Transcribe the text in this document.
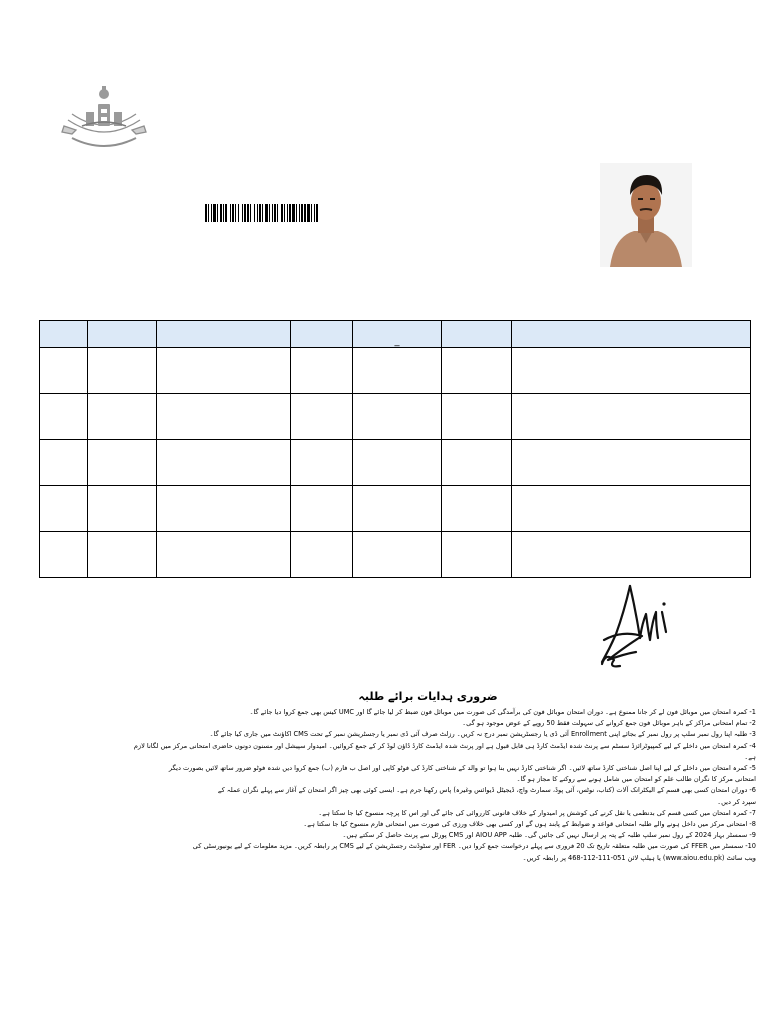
				_		

ضروری ہدایات برائے طلبہ

1- کمرہ امتحان میں موبائل فون لے کر جانا ممنوع ہے۔ دوران امتحان موبائل فون کی برآمدگی کی صورت میں موبائل فون ضبط کر لیا جائے گا اور UMC کیس بھی جمع کروا دیا جائے گا۔

2- تمام امتحانی مراکز کے باہر موبائل فون جمع کروانے کی سہولت فقط 50 روپے کے عوض موجود ہو گی۔

3- طلبہ اپنا رول نمبر سلپ پر رول نمبر کے بجائے اپنی Enrollment آئی ڈی یا رجسٹریشن نمبر درج نہ کریں۔ رزلٹ صرف آئی ڈی نمبر یا رجسٹریشن نمبر کے تحت CMS اکاؤنٹ میں جاری کیا جائے گا۔

4- کمرہ امتحان میں داخلے کے لیے کمپیوٹرائزڈ سسٹم سے پرنٹ شدہ ایڈمٹ کارڈ ہی قابل قبول ہے اور پرنٹ شدہ ایڈمٹ کارڈ ڈاؤن لوڈ کر کے جمع کروائیں۔ امیدوار سپیشل اور مسنون دونوں حاضری امتحانی مرکز میں لگانا لازم

ہے۔

5- کمرہ امتحان میں داخلے کے لیے اپنا اصل شناختی کارڈ ساتھ لائیں۔ اگر شناختی کارڈ نہیں بنا ہوا تو والد کے شناختی کارڈ کی فوٹو کاپی اور اصل ب فارم (ب) جمع کروا دیں شدہ فوٹو ضرور ساتھ لائیں بصورت دیگر

امتحانی مرکز کا نگران طالب علم کو امتحان میں شامل ہونے سے روکنے کا مجاز ہو گا۔

6- دوران امتحان کسی بھی قسم کے الیکٹرانک آلات (کتاب، نوٹس، آئی پوڈ، سمارٹ واچ، ڈیجیٹل ڈیوائس وغیرہ) پاس رکھنا جرم ہے۔ ایسی کوئی بھی چیز اگر امتحان کے آغاز سے پہلے نگران عملہ کے

سپرد کر دیں۔

7- کمرہ امتحان میں کسی قسم کی بدنظمی یا نقل کرنے کی کوشش پر امیدوار کے خلاف قانونی کارروائی کی جائے گی اور اس کا پرچہ منسوخ کیا جا سکتا ہے۔

8- امتحانی مرکز میں داخل ہونے والے طلبہ امتحانی قواعد و ضوابط کے پابند ہوں گے اور کسی بھی خلاف ورزی کی صورت میں امتحانی فارم منسوخ کیا جا سکتا ہے۔

9- سمسٹر بہار 2024 کے رول نمبر سلپ طلبہ کے پتہ پر ارسال نہیں کی جائیں گی۔ طلبہ AIOU APP اور CMS پورٹل سے پرنٹ حاصل کر سکتے ہیں۔

10- سمسٹر میں FFER کی صورت میں طلبہ متعلقہ تاریخ تک 20 فروری سے پہلے درخواست جمع کروا دیں۔ FER اور سٹوڈنٹ رجسٹریشن کے لیے CMS پر رابطہ کریں۔ مزید معلومات کے لیے یونیورسٹی کی

ویب سائٹ (www.aiou.edu.pk) یا ہیلپ لائن 051-111-112-468 پر رابطہ کریں۔
